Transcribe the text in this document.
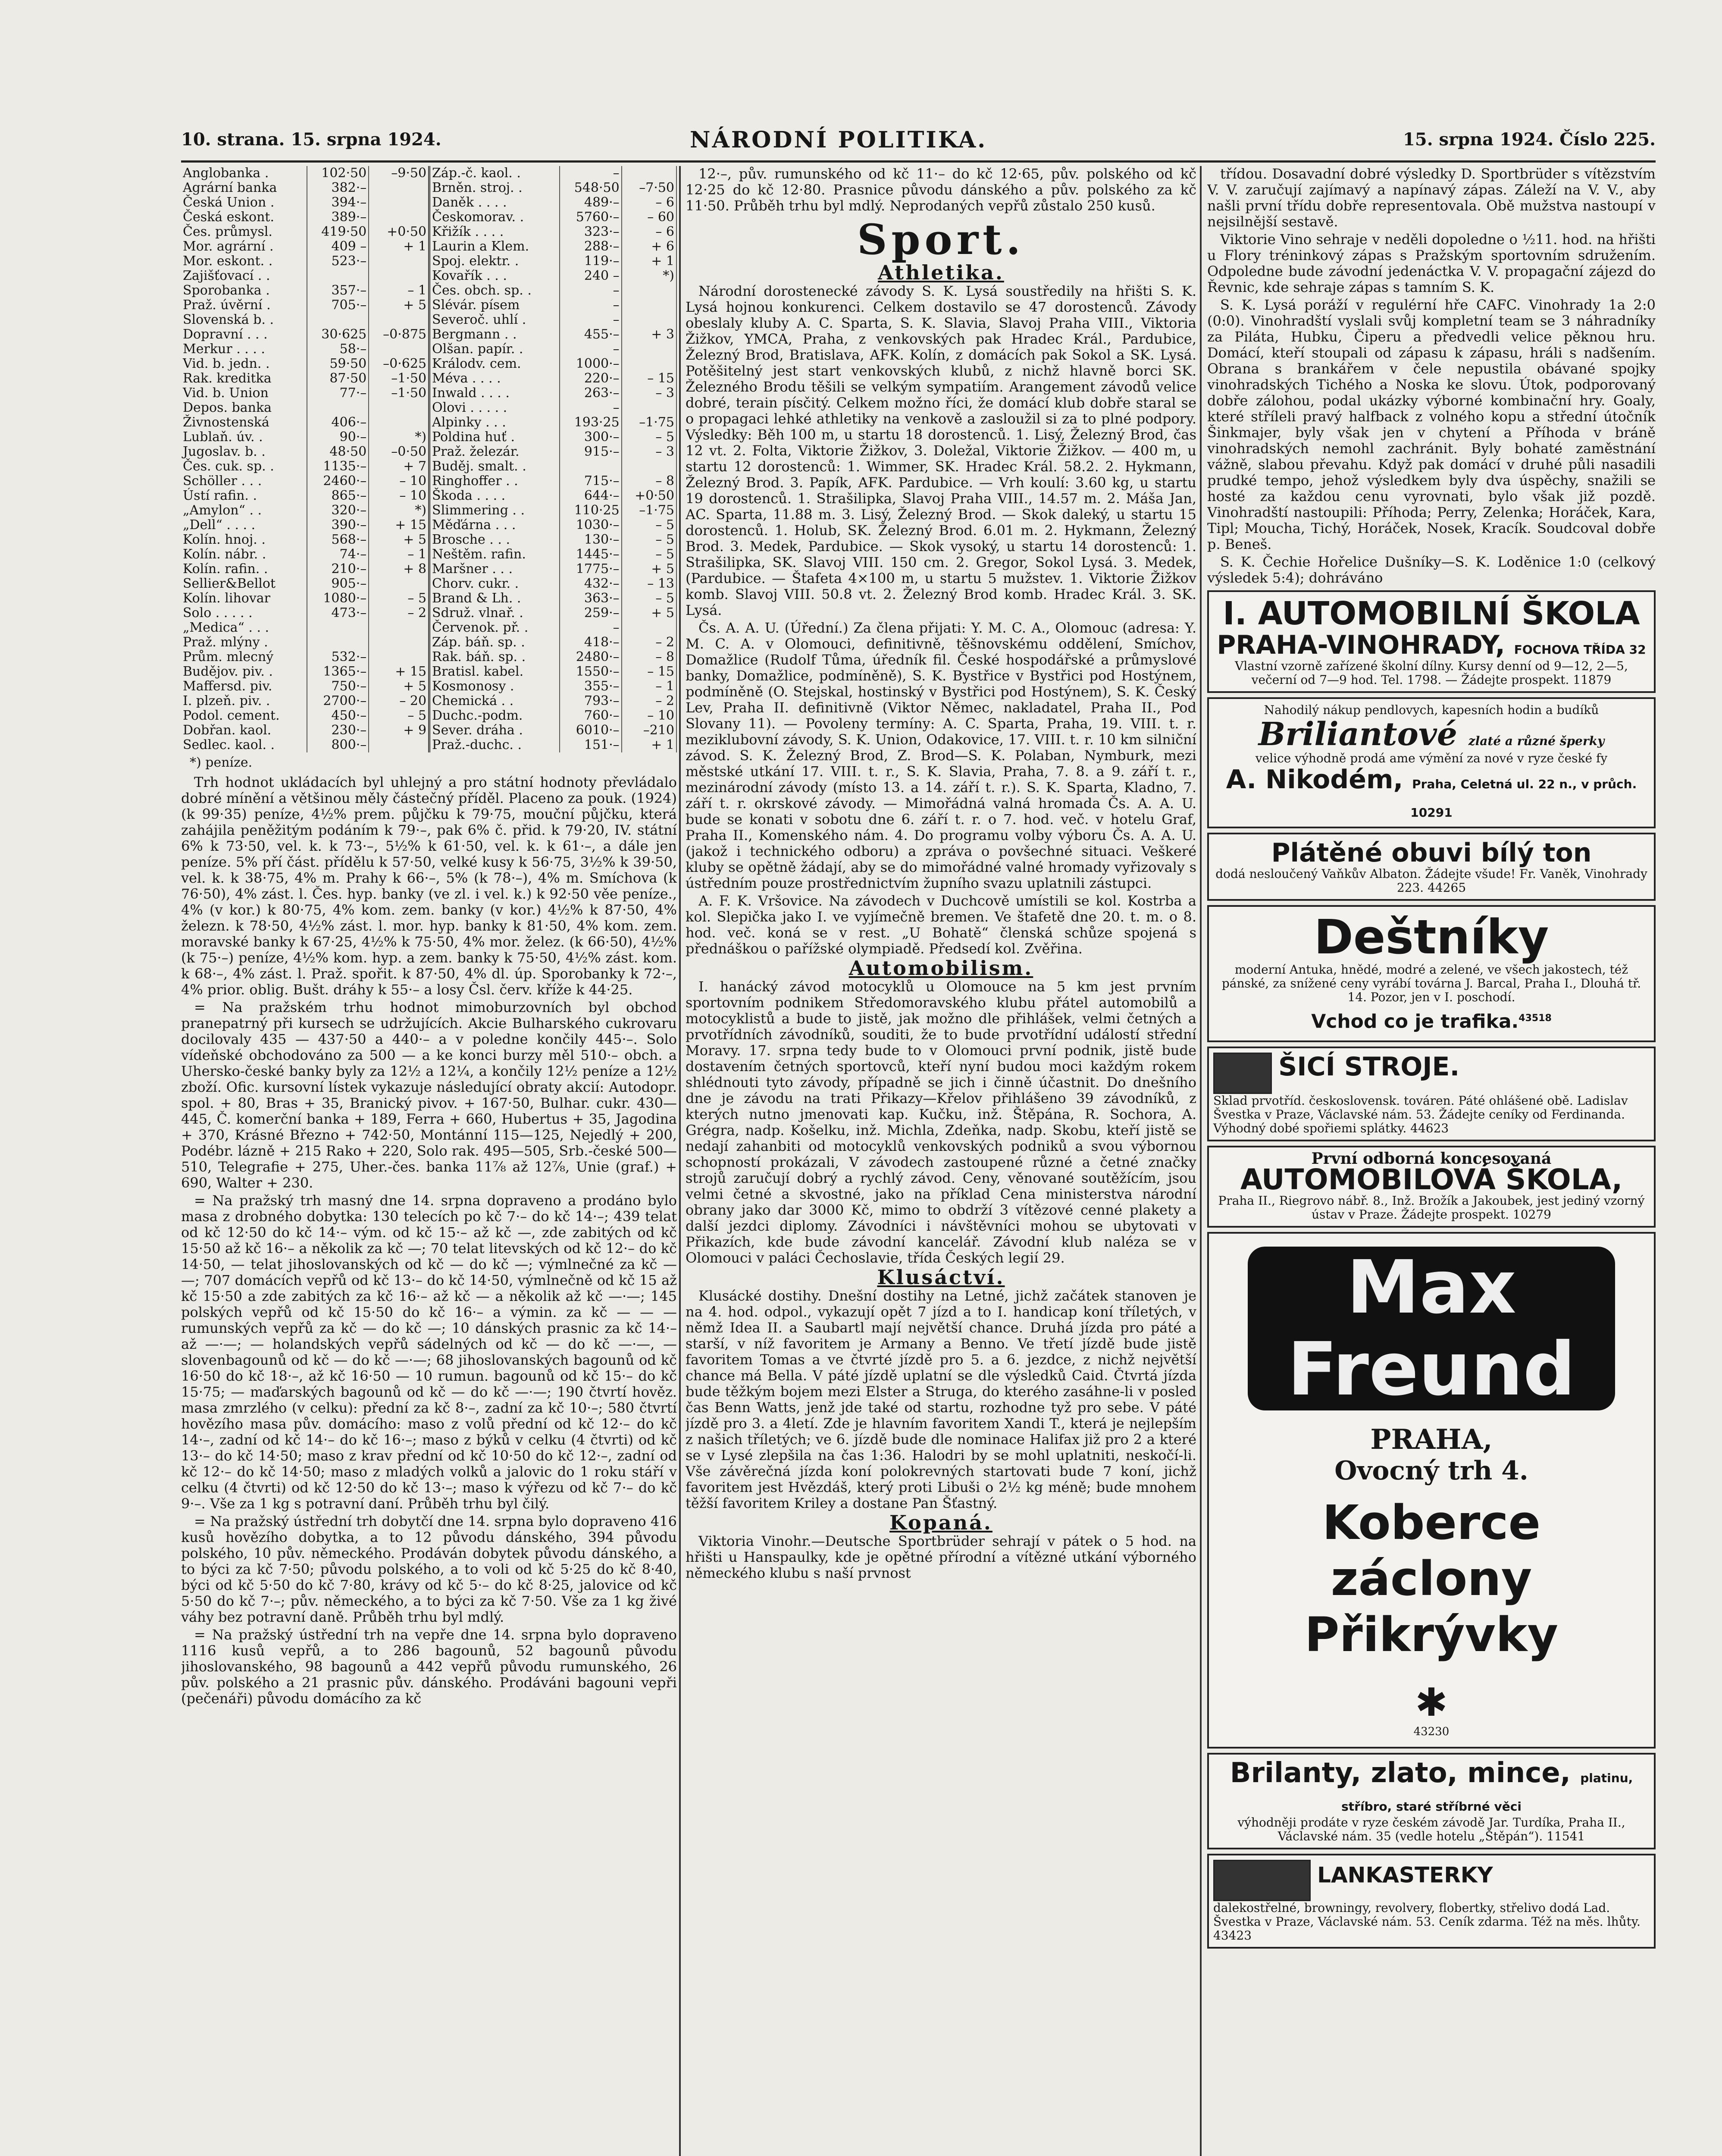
10. strana. 15. srpna 1924.	NÁRODNÍ POLITIKA.	15. srpna 1924. Číslo 225.
Anglobanka .	102·50	–9·50	Záp.-č. kaol. .	–	
Agrární banka	382·–		Brněn. stroj. .	548·50	–7·50
Česká Union .	394·–		Daněk . . . .	489·–	– 6
Česká eskont.	389·–		Českomorav. .	5760·–	– 60
Čes. průmysl.	419·50	+0·50	Křižík . . . .	323·–	– 6
Mor. agrární .	409 –	+ 1	Laurin a Klem.	288·–	+ 6
Mor. eskont. .	523·–		Spoj. elektr. .	119·–	+ 1
Zajišťovací . .			Kovařík . . .	240 –	*)
Sporobanka .	357·–	– 1	Čes. obch. sp. .	–	
Praž. úvěrní .	705·–	+ 5	Slévár. písem	–	
Slovenská b. .			Severoč. uhlí .	–	
Dopravní . . .	30·625	–0·875	Bergmann . .	455·–	+ 3
Merkur . . . .	58·–		Olšan. papír. .	–	
Vid. b. jedn. .	59·50	–0·625	Králodv. cem.	1000·–	
Rak. kreditka	87·50	–1·50	Méva . . . .	220·–	– 15
Vid. b. Union	77·–	–1·50	Inwald . . . .	263·–	– 3
Depos. banka			Olovi . . . . .	–	
Živnostenská	406·–		Alpinky . . .	193·25	–1·75
Lublaň. úv. .	90·–	*)	Poldina huť .	300·–	– 5
Jugoslav. b. .	48·50	–0·50	Praž. železár.	915·–	– 3
Čes. cuk. sp. .	1135·–	+ 7	Buděj. smalt. .		
Schöller . . .	2460·–	– 10	Ringhoffer . .	715·–	– 8
Ústí rafin. .	865·–	– 10	Škoda . . . .	644·–	+0·50
„Amylon“ . .	320·–	*)	Slimmering . .	110·25	–1·75
„Dell“ . . . .	390·–	+ 15	Měďárna . . .	1030·–	– 5
Kolín. hnoj. .	568·–	+ 5	Brosche . . .	130·–	– 5
Kolín. nábr. .	74·–	– 1	Neštěm. rafin.	1445·–	– 5
Kolín. rafin. .	210·–	+ 8	Maršner . . .	1775·–	+ 5
Sellier&Bellot	905·–		Chorv. cukr. .	432·–	– 13
Kolín. lihovar	1080·–	– 5	Brand & Lh. .	363·–	– 5
Solo . . . . .	473·–	– 2	Sdruž. vlnař. .	259·–	+ 5
„Medica“ . . .			Červenok. př. .	–	
Praž. mlýny .			Záp. báň. sp. .	418·–	– 2
Prům. mlecný	532·–		Rak. báň. sp. .	2480·–	– 8
Budějov. piv. .	1365·–	+ 15	Bratisl. kabel.	1550·–	– 15
Maffersd. piv.	750·–	+ 5	Kosmonosy .	355·–	– 1
I. plzeň. piv. .	2700·–	– 20	Chemická . .	793·–	– 2
Podol. cement.	450·–	– 5	Duchc.-podm.	760·–	– 10
Dobřan. kaol.	230·–	+ 9	Sever. dráha .	6010·–	–210
Sedlec. kaol. .	800·–		Praž.-duchc. .	151·–	+ 1
*) peníze.

Trh hodnot ukládacích byl uhlejný a pro státní hodnoty převládalo dobré mínění a většinou měly částečný příděl. Placeno za pouk. (1924) (k 99·35) peníze, 4½% prem. půjčku k 79·75, mouční půjčku, která zahájila peněžitým podáním k 79·–, pak 6% č. přid. k 79·20, IV. státní 6% k 73·50, vel. k. k 73·–, 5½% k 61·50, vel. k. k 61·–, a dále jen peníze. 5% pří část. přídělu k 57·50, velké kusy k 56·75, 3½% k 39·50, vel. k. k 38·75, 4% m. Prahy k 66·–, 5% (k 78·–), 4% m. Smíchova (k 76·50), 4% zást. l. Čes. hyp. banky (ve zl. i vel. k.) k 92·50 věe peníze., 4% (v kor.) k 80·75, 4% kom. zem. banky (v kor.) 4½% k 87·50, 4% železn. k 78·50, 4½% zást. l. mor. hyp. banky k 81·50, 4% kom. zem. moravské banky k 67·25, 4½% k 75·50, 4% mor. želez. (k 66·50), 4½% (k 75·–) peníze, 4½% kom. hyp. a zem. banky k 75·50, 4½% zást. kom. k 68·–, 4% zást. l. Praž. spořit. k 87·50, 4% dl. úp. Sporobanky k 72·–, 4% prior. oblig. Bušt. dráhy k 55·– a losy Čsl. červ. kříže k 44·25.

= Na pražském trhu hodnot mimoburzovních byl obchod pranepatrný při kursech se udržujících. Akcie Bulharského cukrovaru docilovaly 435 — 437·50 a 440·– a v poledne končily 445·–. Solo vídeňské obchodováno za 500 — a ke konci burzy měl 510·– obch. a Uhersko-české banky byly za 12½ a 12¼, a končily 12½ peníze a 12½ zboží. Ofic. kursovní lístek vykazuje následující obraty akcií: Autodopr. spol. + 80, Bras + 35, Branický pivov. + 167·50, Bulhar. cukr. 430—445, Č. komerční banka + 189, Ferra + 660, Hubertus + 35, Jagodina + 370, Krásné Březno + 742·50, Montánní 115—125, Nejedlý + 200, Podébr. lázně + 215 Rako + 220, Solo rak. 495—505, Srb.-české 500—510, Telegrafie + 275, Uher.-čes. banka 11⅞ až 12⅞, Unie (graf.) + 690, Walter + 230.

= Na pražský trh masný dne 14. srpna dopraveno a prodáno bylo masa z drobného dobytka: 130 telecích po kč 7·– do kč 14·–; 439 telat od kč 12·50 do kč 14·– vým. od kč 15·– až kč —, zde zabitých od kč 15·50 až kč 16·– a několik za kč —; 70 telat litevských od kč 12·– do kč 14·50, — telat jihoslovanských od kč — do kč —; výmlnečné za kč — —; 707 domácích vepřů od kč 13·– do kč 14·50, výmlnečně od kč 15 až kč 15·50 a zde zabitých za kč 16·– až kč — a několik až kč —·—; 145 polských vepřů od kč 15·50 do kč 16·– a výmin. za kč — — — rumunských vepřů za kč — do kč —; 10 dánských prasnic za kč 14·– až —·—; — holandských vepřů sádelných od kč — do kč —·—, — slovenbagounů od kč — do kč —·—; 68 jihoslovanských bagounů od kč 16·50 do kč 18·–, až kč 16·50 — 10 rumun. bagounů od kč 15·– do kč 15·75; — maďarských bagounů od kč — do kč —·—; 190 čtvrtí hověz. masa zmrzlého (v celku): přední za kč 8·–, zadní za kč 10·–; 580 čtvrtí hovězího masa pův. domácího: maso z volů přední od kč 12·– do kč 14·–, zadní od kč 14·– do kč 16·–; maso z býků v celku (4 čtvrti) od kč 13·– do kč 14·50; maso z krav přední od kč 10·50 do kč 12·–, zadní od kč 12·– do kč 14·50; maso z mladých volků a jalovic do 1 roku stáří v celku (4 čtvrti) od kč 12·50 do kč 13·–; maso k výřezu od kč 7·– do kč 9·–. Vše za 1 kg s potravní daní. Průběh trhu byl čilý.

= Na pražský ústřední trh dobytčí dne 14. srpna bylo dopraveno 416 kusů hovězího dobytka, a to 12 původu dánského, 394 původu polského, 10 pův. německého. Prodáván dobytek původu dánského, a to býci za kč 7·50; původu polského, a to voli od kč 5·25 do kč 8·40, býci od kč 5·50 do kč 7·80, krávy od kč 5·– do kč 8·25, jalovice od kč 5·50 do kč 7·–; pův. německého, a to býci za kč 7·50. Vše za 1 kg živé váhy bez potravní daně. Průběh trhu byl mdlý.

= Na pražský ústřední trh na vepře dne 14. srpna bylo dopraveno 1116 kusů vepřů, a to 286 bagounů, 52 bagounů původu jihoslovanského, 98 bagounů a 442 vepřů původu rumunského, 26 pův. polského a 21 prasnic pův. dánského. Prodáváni bagouni vepři (pečenáři) původu domácího za kč

12·–, pův. rumunského od kč 11·– do kč 12·65, pův. polského od kč 12·25 do kč 12·80. Prasnice původu dánského a pův. polského za kč 11·50. Průběh trhu byl mdlý. Neprodaných vepřů zůstalo 250 kusů.

Sport.
Athletika.

Národní dorostenecké závody S. K. Lysá soustředily na hřišti S. K. Lysá hojnou konkurenci. Celkem dostavilo se 47 dorostenců. Závody obeslaly kluby A. C. Sparta, S. K. Slavia, Slavoj Praha VIII., Viktoria Žižkov, YMCA, Praha, z venkovských pak Hradec Král., Pardubice, Železný Brod, Bratislava, AFK. Kolín, z domácích pak Sokol a SK. Lysá. Potěšitelný jest start venkovských klubů, z nichž hlavně borci SK. Železného Brodu těšili se velkým sympatiím. Arangement závodů velice dobré, terain písčitý. Celkem možno říci, že domácí klub dobře staral se o propagaci lehké athletiky na venkově a zasloužil si za to plné podpory. Výsledky: Běh 100 m, u startu 18 dorostenců. 1. Lisý, Železný Brod, čas 12 vt. 2. Folta, Viktorie Žižkov, 3. Doležal, Viktorie Žižkov. — 400 m, u startu 12 dorostenců: 1. Wimmer, SK. Hradec Král. 58.2. 2. Hykmann, Železný Brod. 3. Papík, AFK. Pardubice. — Vrh koulí: 3.60 kg, u startu 19 dorostenců. 1. Strašilipka, Slavoj Praha VIII., 14.57 m. 2. Máša Jan, AC. Sparta, 11.88 m. 3. Lisý, Železný Brod. — Skok daleký, u startu 15 dorostenců. 1. Holub, SK. Železný Brod. 6.01 m. 2. Hykmann, Železný Brod. 3. Medek, Pardubice. — Skok vysoký, u startu 14 dorostenců: 1. Strašilipka, SK. Slavoj VIII. 150 cm. 2. Gregor, Sokol Lysá. 3. Medek, (Pardubice. — Štafeta 4×100 m, u startu 5 mužstev. 1. Viktorie Žižkov komb. Slavoj VIII. 50.8 vt. 2. Železný Brod komb. Hradec Král. 3. SK. Lysá.

Čs. A. A. U. (Úřední.) Za člena přijati: Y. M. C. A., Olomouc (adresa: Y. M. C. A. v Olomouci, definitivně, těšnovskému oddělení, Smíchov, Domažlice (Rudolf Tůma, úředník fil. České hospodářské a průmyslové banky, Domažlice, podmíněně), S. K. Bystřice v Bystřici pod Hostýnem, podmíněně (O. Stejskal, hostinský v Bystřici pod Hostýnem), S. K. Český Lev, Praha II. definitivně (Viktor Němec, nakladatel, Praha II., Pod Slovany 11). — Povoleny termíny: A. C. Sparta, Praha, 19. VIII. t. r. meziklubovní závody, S. K. Union, Odakovice, 17. VIII. t. r. 10 km silniční závod. S. K. Železný Brod, Z. Brod—S. K. Polaban, Nymburk, mezi městské utkání 17. VIII. t. r., S. K. Slavia, Praha, 7. 8. a 9. září t. r., mezinárodní závody (místo 13. a 14. září t. r.). S. K. Sparta, Kladno, 7. září t. r. okrskové závody. — Mimořádná valná hromada Čs. A. A. U. bude se konati v sobotu dne 6. září t. r. o 7. hod. več. v hotelu Graf, Praha II., Komenského nám. 4. Do programu volby výboru Čs. A. A. U. (jakož i technického odboru) a zpráva o povšechné situaci. Veškeré kluby se opětně žádají, aby se do mimořádné valné hromady vyřizovaly s ústředním pouze prostřednictvím župního svazu uplatnili zástupci.

A. F. K. Vršovice. Na závodech v Duchcově umístili se kol. Kostrba a kol. Slepička jako I. ve vyjímečně bremen. Ve štafetě dne 20. t. m. o 8. hod. več. koná se v rest. „U Bohatě“ členská schůze spojená s přednáškou o pařížské olympiadě. Předsedí kol. Zvěřina.

Automobilism.

I. hanácký závod motocyklů u Olomouce na 5 km jest prvním sportovním podnikem Středomoravského klubu přátel automobilů a motocyklistů a bude to jistě, jak možno dle přihlášek, velmi četných a prvotřídních závodníků, souditi, že to bude prvotřídní událostí střední Moravy. 17. srpna tedy bude to v Olomouci první podnik, jistě bude dostavením četných sportovců, kteří nyní budou moci každým rokem shlédnouti tyto závody, případně se jich i činně účastnit. Do dnešního dne je závodu na trati Přikazy—Křelov přihlášeno 39 závodníků, z kterých nutno jmenovati kap. Kučku, inž. Štěpána, R. Sochora, A. Grégra, nadp. Košelku, inž. Michla, Zdeňka, nadp. Skobu, kteří jistě se nedají zahanbiti od motocyklů venkovských podniků a svou výbornou schopností prokázali, V závodech zastoupené různé a četné značky strojů zaručují dobrý a rychlý závod. Ceny, věnované soutěžícím, jsou velmi četné a skvostné, jako na příklad Cena ministerstva národní obrany jako dar 3000 Kč, mimo to obdrží 3 vítězové cenné plakety a další jezdci diplomy. Závodníci i návštěvníci mohou se ubytovati v Přikazích, kde bude závodní kancelář. Závodní klub naléza se v Olomouci v paláci Čechoslavie, třída Českých legií 29.

Klusáctví.

Klusácké dostihy. Dnešní dostihy na Letné, jichž začátek stanoven je na 4. hod. odpol., vykazují opět 7 jízd a to I. handicap koní tříletých, v němž Idea II. a Saubartl mají největší chance. Druhá jízda pro páté a starší, v níž favoritem je Armany a Benno. Ve třetí jízdě bude jistě favoritem Tomas a ve čtvrté jízdě pro 5. a 6. jezdce, z nichž největší chance má Bella. V páté jízdě uplatní se dle výsledků Caid. Čtvrtá jízda bude těžkým bojem mezi Elster a Struga, do kterého zasáhne-li v posled čas Benn Watts, jenž jde také od startu, rozhodne tyž pro sebe. V páté jízdě pro 3. a 4letí. Zde je hlavním favoritem Xandi T., která je nejlepším z našich tříletých; ve 6. jízdě bude dle nominace Halifax již pro 2 a které se v Lysé zlepšila na čas 1:36. Halodri by se mohl uplatniti, neskočí-li. Vše závěrečná jízda koní polokrevných startovati bude 7 koní, jichž favoritem jest Hvězdáš, který proti Libuši o 2½ kg méně; bude mnohem těžší favoritem Kriley a dostane Pan Šťastný.

Kopaná.

Viktoria Vinohr.—Deutsche Sportbrüder sehrají v pátek o 5 hod. na hřišti u Hanspaulky, kde je opětné přírodní a vítězné utkání výborného německého klubu s naší prvnost

třídou. Dosavadní dobré výsledky D. Sportbrüder s vítězstvím V. V. zaručují zajímavý a napínavý zápas. Záleží na V. V., aby našli první třídu dobře representovala. Obě mužstva nastoupí v nejsilnější sestavě.

Viktorie Vino sehraje v neděli dopoledne o ½11. hod. na hřišti u Flory tréninkový zápas s Pražským sportovním sdružením. Odpoledne bude závodní jedenáctka V. V. propagační zájezd do Řevnic, kde sehraje zápas s tamním S. K.

S. K. Lysá poráží v regulérní hře CAFC. Vinohrady 1a 2:0 (0:0). Vinohradští vyslali svůj kompletní team se 3 náhradníky za Piláta, Hubku, Čiperu a předvedli velice pěknou hru. Domácí, kteří stoupali od zápasu k zápasu, hráli s nadšením. Obrana s brankářem v čele nepustila obávané spojky vinohradských Tichého a Noska ke slovu. Útok, podporovaný dobře zálohou, podal ukázky výborné kombinační hry. Goaly, které stříleli pravý halfback z volného kopu a střední útočník Šinkmajer, byly však jen v chytení a Příhoda v bráně vinohradských nemohl zachránit. Byly bohaté zaměstnání vážně, slabou převahu. Když pak domácí v druhé půli nasadili prudké tempo, jehož výsledkem byly dva úspěchy, snažili se hosté za každou cenu vyrovnati, bylo však již pozdě. Vinohradští nastoupili: Příhoda; Perry, Zelenka; Horáček, Kara, Tipl; Moucha, Tichý, Horáček, Nosek, Kracík. Soudcoval dobře p. Beneš.

S. K. Čechie Hořelice Dušníky—S. K. Loděnice 1:0 (celkový výsledek 5:4); dohráváno

I. AUTOMOBILNÍ ŠKOLA
PRAHA-VINOHRADY, FOCHOVA TŘÍDA 32
Vlastní vzorně zařízené školní dílny. Kursy denní od 9—12, 2—5, večerní od 7—9 hod. Tel. 1798. — Žádejte prospekt. 11879
Nahodilý nákup pendlovych, kapesních hodin a budíků
Briliantové zlaté a různé šperky
velice výhodně prodá ame výmění za nové v ryze české fy
A. Nikodém, Praha, Celetná ul. 22 n., v průch. 10291
Plátěné obuvi bílý ton
dodá nesloučený Vaňkův Albaton. Žádejte všude! Fr. Vaněk, Vinohrady 223. 44265
Deštníky
moderní Antuka, hnědé, modré a zelené, ve všech jakostech, též pánské, za snížené ceny vyrábí továrna J. Barcal, Praha I., Dlouhá tř. 14. Pozor, jen v I. poschodí.
Vchod co je trafika.$^{43518}$
ŠICÍ STROJE.
Sklad prvotříd. československ. továren. Páté ohlášené obě. Ladislav Švestka v Praze, Václavské nám. 53. Žádejte ceníky od Ferdinanda. Výhodný dobé spořiemi splátky. 44623
První odborná koncesovaná
AUTOMOBILOVÁ ŠKOLA,
Praha II., Riegrovo nábř. 8., Inž. Brožík a Jakoubek, jest jediný vzorný ústav v Praze. Žádejte prospekt. 10279
Max Freund
PRAHA,
Ovocný trh 4.
Koberce
záclony
Přikrývky
✱
43230
Brilanty, zlato, mince, platinu, stříbro, staré stříbrné věci
výhodněji prodáte v ryze českém závodě Jar. Turdíka, Praha II., Václavské nám. 35 (vedle hotelu „Štěpán“). 11541
LANKASTERKY
dalekostřelné, browningy, revolvery, flobertky, střelivo dodá Lad. Švestka v Praze, Václavské nám. 53. Ceník zdarma. Též na měs. lhůty. 43423
